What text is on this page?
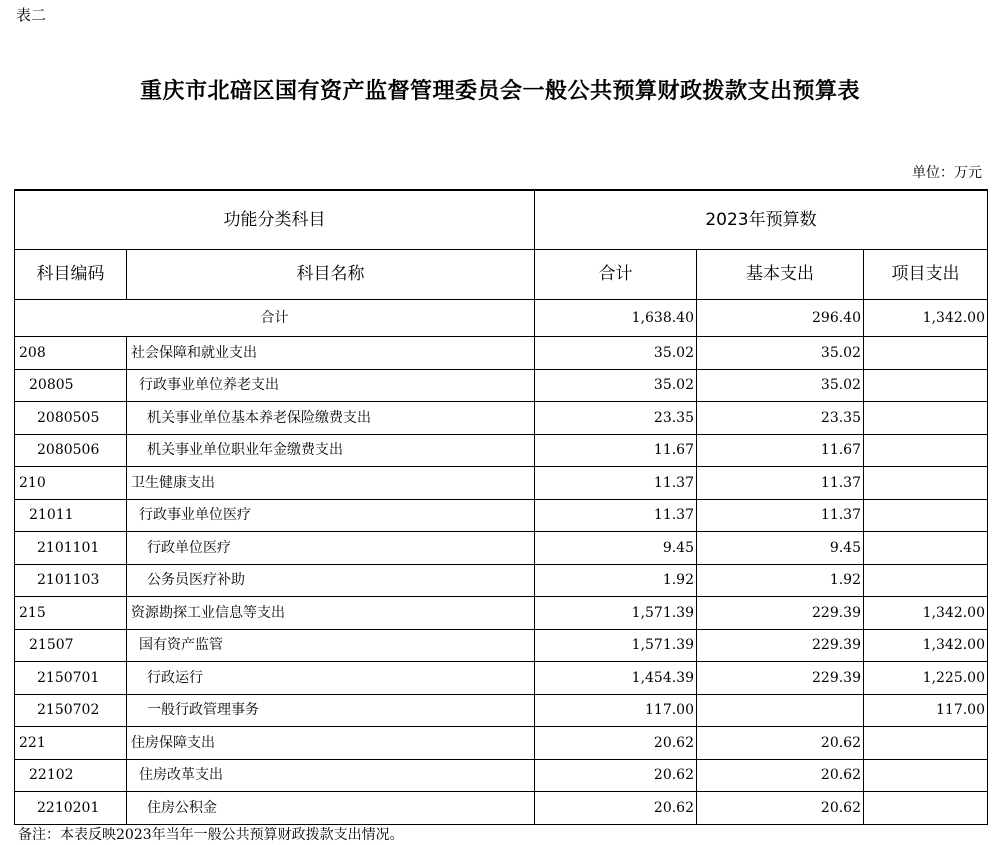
表二
重庆市北碚区国有资产监督管理委员会一般公共预算财政拨款支出预算表
单位：万元
功能分类科目		2023年预算数		
科目编码	科目名称	合计	基本支出	项目支出
合计		1,638.40	296.40	1,342.00
208	社会保障和就业支出	35.02	35.02	
20805	行政事业单位养老支出	35.02	35.02	
2080505	机关事业单位基本养老保险缴费支出	23.35	23.35	
2080506	机关事业单位职业年金缴费支出	11.67	11.67	
210	卫生健康支出	11.37	11.37	
21011	行政事业单位医疗	11.37	11.37	
2101101	行政单位医疗	9.45	9.45	
2101103	公务员医疗补助	1.92	1.92	
215	资源勘探工业信息等支出	1,571.39	229.39	1,342.00
21507	国有资产监管	1,571.39	229.39	1,342.00
2150701	行政运行	1,454.39	229.39	1,225.00
2150702	一般行政管理事务	117.00		117.00
221	住房保障支出	20.62	20.62	
22102	住房改革支出	20.62	20.62	
2210201	住房公积金	20.62	20.62	
备注：本表反映2023年当年一般公共预算财政拨款支出情况。
